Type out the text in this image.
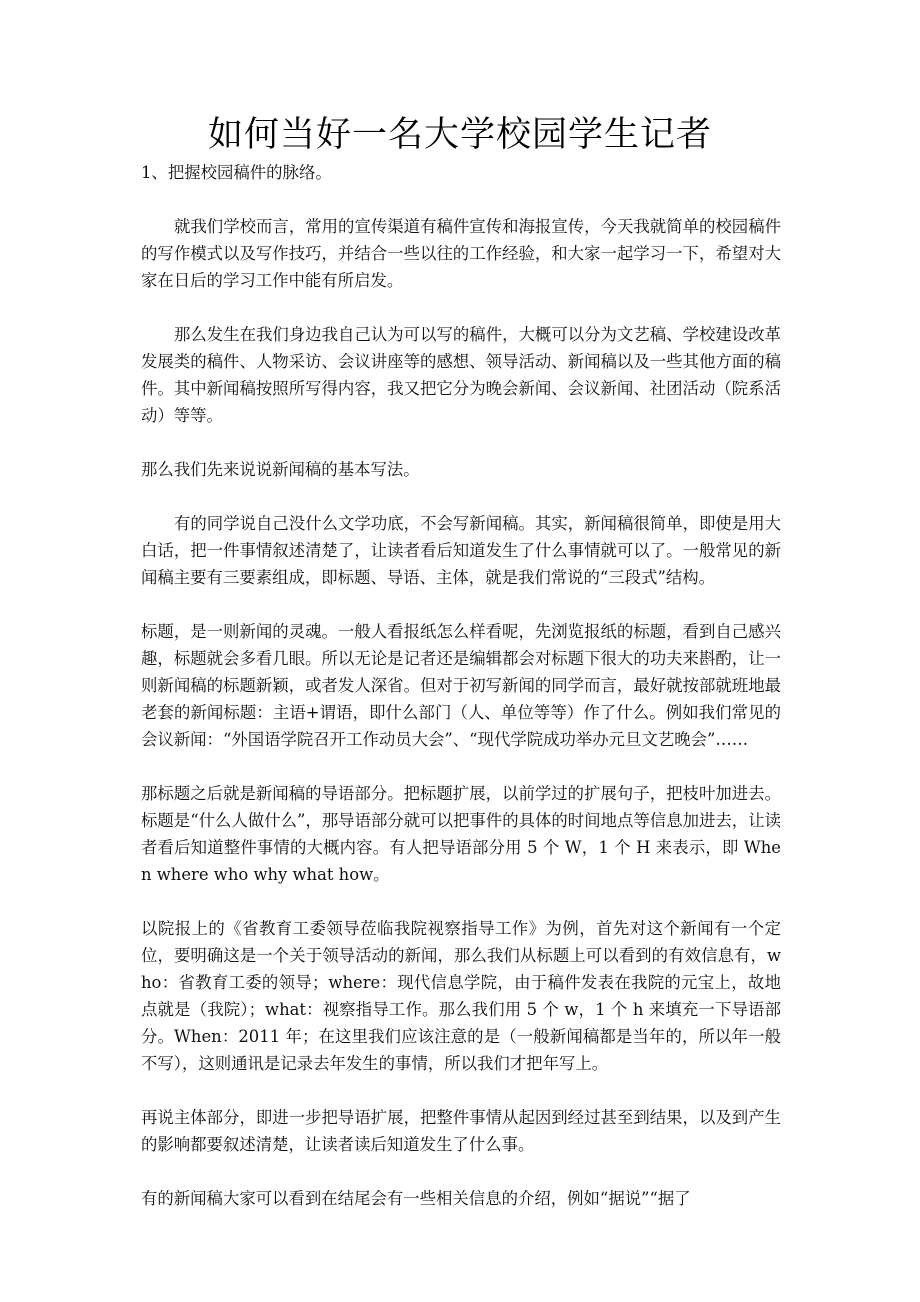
如何当好一名大学校园学生记者

1、把握校园稿件的脉络。

就我们学校而言，常用的宣传渠道有稿件宣传和海报宣传，今天我就简单的校园稿件的写作模式以及写作技巧，并结合一些以往的工作经验，和大家一起学习一下，希望对大家在日后的学习工作中能有所启发。

那么发生在我们身边我自己认为可以写的稿件，大概可以分为文艺稿、学校建设改革发展类的稿件、人物采访、会议讲座等的感想、领导活动、新闻稿以及一些其他方面的稿件。其中新闻稿按照所写得内容，我又把它分为晚会新闻、会议新闻、社团活动（院系活动）等等。

那么我们先来说说新闻稿的基本写法。

有的同学说自己没什么文学功底，不会写新闻稿。其实，新闻稿很简单，即使是用大白话，把一件事情叙述清楚了，让读者看后知道发生了什么事情就可以了。一般常见的新闻稿主要有三要素组成，即标题、导语、主体，就是我们常说的“三段式”结构。

标题，是一则新闻的灵魂。一般人看报纸怎么样看呢，先浏览报纸的标题，看到自己感兴趣，标题就会多看几眼。所以无论是记者还是编辑都会对标题下很大的功夫来斟酌，让一则新闻稿的标题新颖，或者发人深省。但对于初写新闻的同学而言，最好就按部就班地最老套的新闻标题：主语+谓语，即什么部门（人、单位等等）作了什么。例如我们常见的会议新闻：“外国语学院召开工作动员大会”、“现代学院成功举办元旦文艺晚会”……

那标题之后就是新闻稿的导语部分。把标题扩展，以前学过的扩展句子，把枝叶加进去。标题是“什么人做什么”，那导语部分就可以把事件的具体的时间地点等信息加进去，让读者看后知道整件事情的大概内容。有人把导语部分用 5 个 W，1 个 H 来表示，即 When where who why what how。

以院报上的《省教育工委领导莅临我院视察指导工作》为例，首先对这个新闻有一个定位，要明确这是一个关于领导活动的新闻，那么我们从标题上可以看到的有效信息有，who：省教育工委的领导；where：现代信息学院，由于稿件发表在我院的元宝上，故地点就是（我院）；what：视察指导工作。那么我们用 5 个 w，1 个 h 来填充一下导语部分。When：2011 年；在这里我们应该注意的是（一般新闻稿都是当年的，所以年一般不写），这则通讯是记录去年发生的事情，所以我们才把年写上。

再说主体部分，即进一步把导语扩展，把整件事情从起因到经过甚至到结果，以及到产生的影响都要叙述清楚，让读者读后知道发生了什么事。

有的新闻稿大家可以看到在结尾会有一些相关信息的介绍，例如“据说”“据了
